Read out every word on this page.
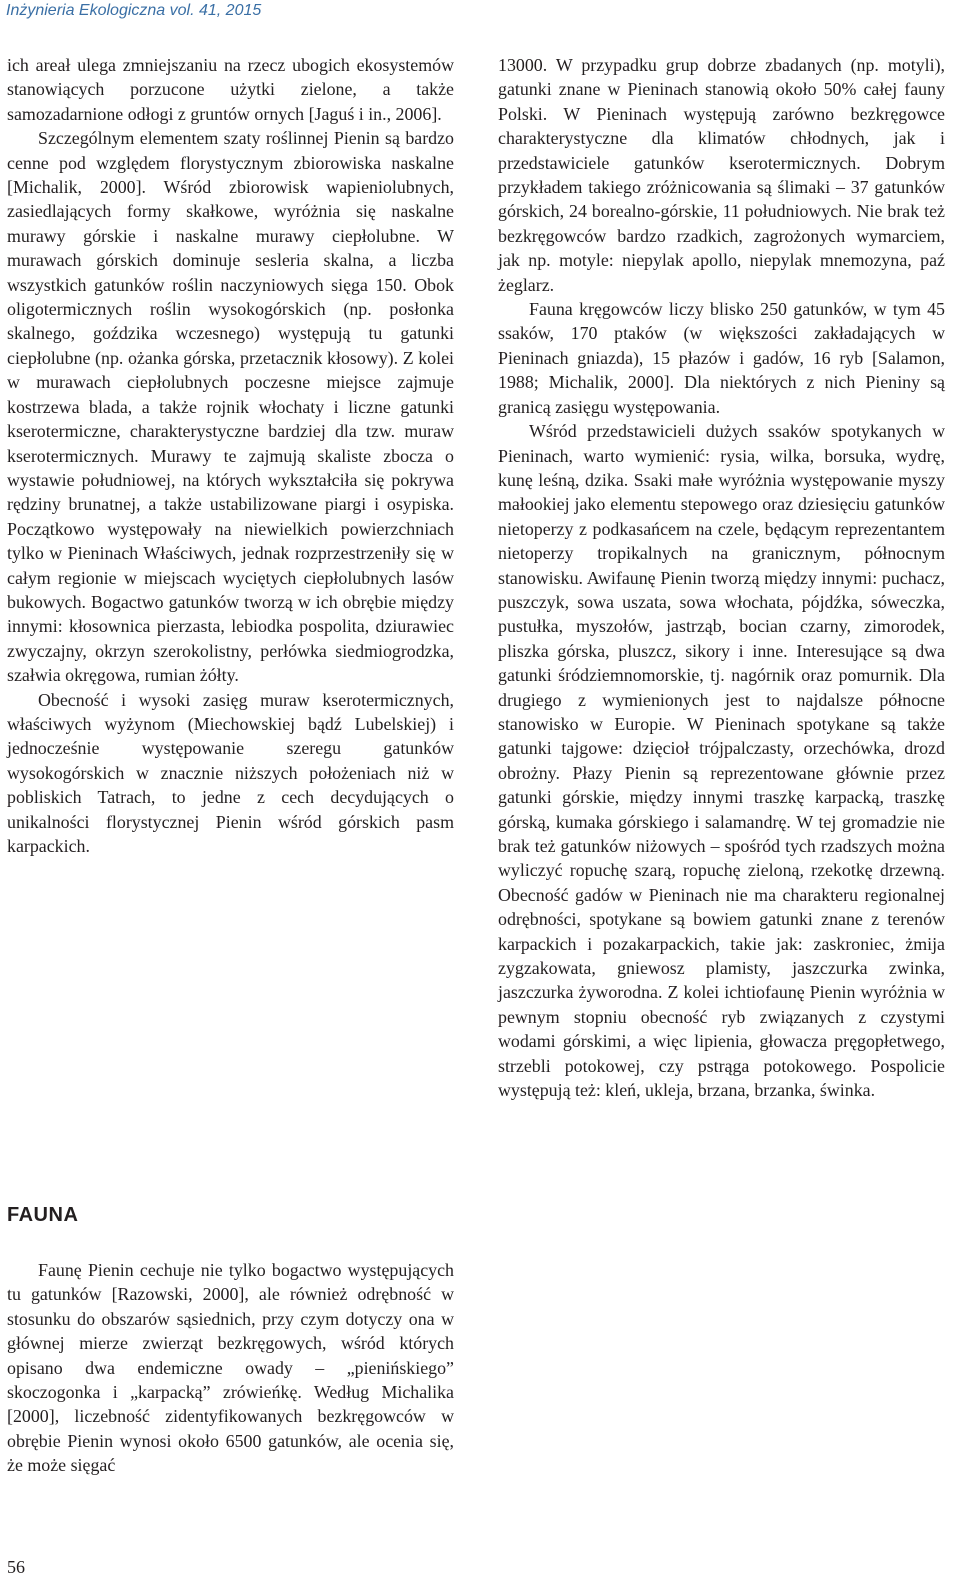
Inżynieria Ekologiczna vol. 41, 2015

ich areał ulega zmniejszaniu na rzecz ubogich ekosystemów stanowiących porzucone użytki zielone, a także samozadarnione odłogi z gruntów ornych [Jaguś i in., 2006].

Szczególnym elementem szaty roślinnej Pienin są bardzo cenne pod względem florystycznym zbiorowiska naskalne [Michalik, 2000]. Wśród zbiorowisk wapieniolubnych, zasiedlających formy skałkowe, wyróżnia się naskalne murawy górskie i naskalne murawy ciepłolubne. W murawach górskich dominuje sesleria skalna, a liczba wszystkich gatunków roślin naczyniowych sięga 150. Obok oligotermicznych roślin wysokogórskich (np. posłonka skalnego, goździka wczesnego) występują tu gatunki ciepłolubne (np. ożanka górska, przetacznik kłosowy). Z kolei w murawach ciepłolubnych poczesne miejsce zajmuje kostrzewa blada, a także rojnik włochaty i liczne gatunki kserotermiczne, charakterystyczne bardziej dla tzw. muraw kserotermicznych. Murawy te zajmują skaliste zbocza o wystawie południowej, na których wykształciła się pokrywa rędziny brunatnej, a także ustabilizowane piargi i osypiska. Początkowo występowały na niewielkich powierzchniach tylko w Pieninach Właściwych, jednak rozprzestrzeniły się w całym regionie w miejscach wyciętych ciepłolubnych lasów bukowych. Bogactwo gatunków tworzą w ich obrębie między innymi: kłosownica pierzasta, lebiodka pospolita, dziurawiec zwyczajny, okrzyn szerokolistny, perłówka siedmiogrodzka, szałwia okręgowa, rumian żółty.

Obecność i wysoki zasięg muraw kserotermicznych, właściwych wyżynom (Miechowskiej bądź Lubelskiej) i jednocześnie występowanie szeregu gatunków wysokogórskich w znacznie niższych położeniach niż w pobliskich Tatrach, to jedne z cech decydujących o unikalności florystycznej Pienin wśród górskich pasm karpackich.

FAUNA

Faunę Pienin cechuje nie tylko bogactwo występujących tu gatunków [Razowski, 2000], ale również odrębność w stosunku do obszarów sąsiednich, przy czym dotyczy ona w głównej mierze zwierząt bezkręgowych, wśród których opisano dwa endemiczne owady – „pienińskiego” skoczogonka i „karpacką” zrówieńkę. Według Michalika [2000], liczebność zidentyfikowanych bezkręgowców w obrębie Pienin wynosi około 6500 gatunków, ale ocenia się, że może sięgać

13000. W przypadku grup dobrze zbadanych (np. motyli), gatunki znane w Pieninach stanowią około 50% całej fauny Polski. W Pieninach występują zarówno bezkręgowce charakterystyczne dla klimatów chłodnych, jak i przedstawiciele gatunków kserotermicznych. Dobrym przykładem takiego zróżnicowania są ślimaki – 37 gatunków górskich, 24 borealno-górskie, 11 południowych. Nie brak też bezkręgowców bardzo rzadkich, zagrożonych wymarciem, jak np. motyle: niepylak apollo, niepylak mnemozyna, paź żeglarz.

Fauna kręgowców liczy blisko 250 gatunków, w tym 45 ssaków, 170 ptaków (w większości zakładających w Pieninach gniazda), 15 płazów i gadów, 16 ryb [Salamon, 1988; Michalik, 2000]. Dla niektórych z nich Pieniny są granicą zasięgu występowania.

Wśród przedstawicieli dużych ssaków spotykanych w Pieninach, warto wymienić: rysia, wilka, borsuka, wydrę, kunę leśną, dzika. Ssaki małe wyróżnia występowanie myszy małookiej jako elementu stepowego oraz dziesięciu gatunków nietoperzy z podkasańcem na czele, będącym reprezentantem nietoperzy tropikalnych na granicznym, północnym stanowisku. Awifaunę Pienin tworzą między innymi: puchacz, puszczyk, sowa uszata, sowa włochata, pójdźka, sóweczka, pustułka, myszołów, jastrząb, bocian czarny, zimorodek, pliszka górska, pluszcz, sikory i inne. Interesujące są dwa gatunki śródziemnomorskie, tj. nagórnik oraz pomurnik. Dla drugiego z wymienionych jest to najdalsze północne stanowisko w Europie. W Pieninach spotykane są także gatunki tajgowe: dzięcioł trójpalczasty, orzechówka, drozd obrożny. Płazy Pienin są reprezentowane głównie przez gatunki górskie, między innymi traszkę karpacką, traszkę górską, kumaka górskiego i salamandrę. W tej gromadzie nie brak też gatunków niżowych – spośród tych rzadszych można wyliczyć ropuchę szarą, ropuchę zieloną, rzekotkę drzewną. Obecność gadów w Pieninach nie ma charakteru regionalnej odrębności, spotykane są bowiem gatunki znane z terenów karpackich i pozakarpackich, takie jak: zaskroniec, żmija zygzakowata, gniewosz plamisty, jaszczurka zwinka, jaszczurka żyworodna. Z kolei ichtiofaunę Pienin wyróżnia w pewnym stopniu obecność ryb związanych z czystymi wodami górskimi, a więc lipienia, głowacza pręgopłetwego, strzebli potokowej, czy pstrąga potokowego. Pospolicie występują też: kleń, ukleja, brzana, brzanka, świnka.

56
